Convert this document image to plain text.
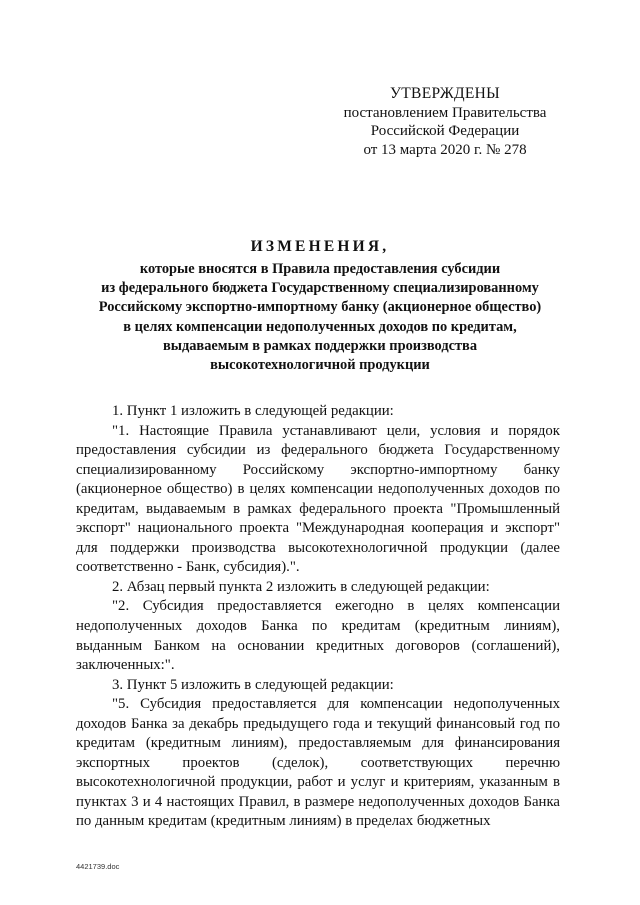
УТВЕРЖДЕНЫ
постановлением Правительства
Российской Федерации
от 13 марта 2020 г. № 278
ИЗМЕНЕНИЯ,
которые вносятся в Правила предоставления субсидии
из федерального бюджета Государственному специализированному
Российскому экспортно-импортному банку (акционерное общество)
в целях компенсации недополученных доходов по кредитам,
выдаваемым в рамках поддержки производства
высокотехнологичной продукции

1. Пункт 1 изложить в следующей редакции:

"1. Настоящие Правила устанавливают цели, условия и порядок предоставления субсидии из федерального бюджета Государственному специализированному Российскому экспортно-импортному банку (акционерное общество) в целях компенсации недополученных доходов по кредитам, выдаваемым в рамках федерального проекта "Промышленный экспорт" национального проекта "Международная кооперация и экспорт" для поддержки производства высокотехнологичной продукции (далее соответственно - Банк, субсидия).".

2. Абзац первый пункта 2 изложить в следующей редакции:

"2. Субсидия предоставляется ежегодно в целях компенсации недополученных доходов Банка по кредитам (кредитным линиям), выданным Банком на основании кредитных договоров (соглашений), заключенных:".

3. Пункт 5 изложить в следующей редакции:

"5. Субсидия предоставляется для компенсации недополученных доходов Банка за декабрь предыдущего года и текущий финансовый год по кредитам (кредитным линиям), предоставляемым для финансирования экспортных проектов (сделок), соответствующих перечню высокотехнологичной продукции, работ и услуг и критериям, указанным в пунктах 3 и 4 настоящих Правил, в размере недополученных доходов Банка по данным кредитам (кредитным линиям) в пределах бюджетных

4421739.doc
